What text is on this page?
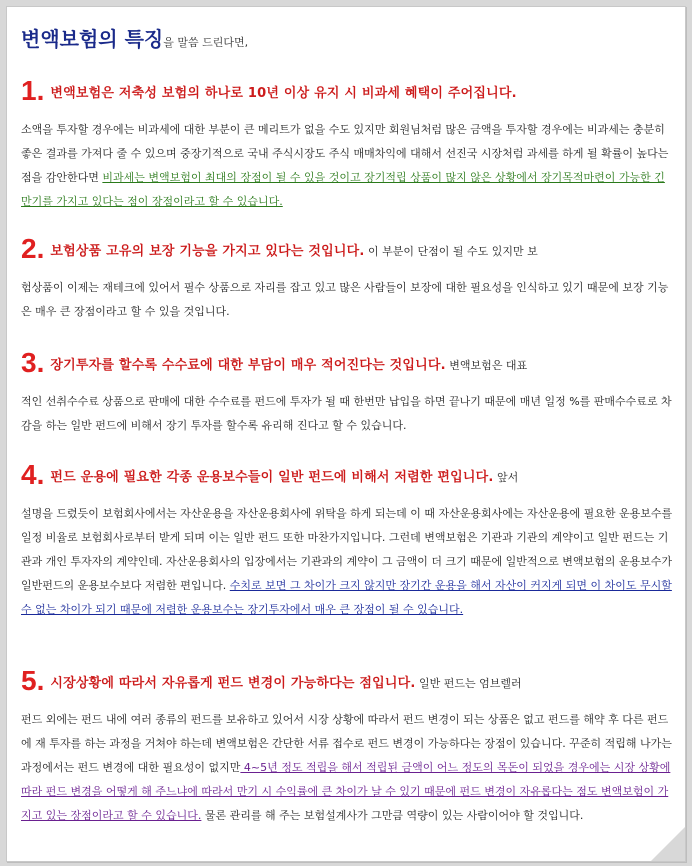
변액보험의 특징을 말씀 드린다면,
1. 변액보험은 저축성 보험의 하나로 10년 이상 유지 시 비과세 혜택이 주어집니다.
소액을 투자할 경우에는 비과세에 대한 부분이 큰 메리트가 없을 수도 있지만 회원님처럼 많은 금액을 투자할 경우에는 비과세는 충분히 좋은 결과를 가져다 줄 수 있으며 중장기적으로 국내 주식시장도 주식 매매차익에 대해서 선진국 시장처럼 과세를 하게 될 확률이 높다는 점을 감안한다면 비과세는 변액보험이 최대의 장점이 될 수 있을 것이고 장기적립 상품이 많지 않은 상황에서 장기목적마련이 가능한 긴 만기를 가지고 있다는 점이 장점이라고 할 수 있습니다.
2. 보험상품 고유의 보장 기능을 가지고 있다는 것입니다. 이 부분이 단점이 될 수도 있지만 보
험상품이 이제는 재테크에 있어서 필수 상품으로 자리를 잡고 있고 많은 사람들이 보장에 대한 필요성을 인식하고 있기 때문에 보장 기능은 매우 큰 장점이라고 할 수 있을 것입니다.
3. 장기투자를 할수록 수수료에 대한 부담이 매우 적어진다는 것입니다. 변액보험은 대표
적인 선취수수료 상품으로 판매에 대한 수수료를 펀드에 투자가 될 때 한번만 납입을 하면 끝나기 때문에 매년 일정 %를 판매수수료로 차감을 하는 일반 펀드에 비해서 장기 투자를 할수록 유리해 진다고 할 수 있습니다.
4. 펀드 운용에 필요한 각종 운용보수들이 일반 펀드에 비해서 저렴한 편입니다. 앞서
설명을 드렸듯이 보험회사에서는 자산운용을 자산운용회사에 위탁을 하게 되는데 이 때 자산운용회사에는 자산운용에 필요한 운용보수를 일정 비율로 보험회사로부터 받게 되며 이는 일반 펀드 또한 마찬가지입니다. 그런데 변액보험은 기관과 기관의 계약이고 일반 펀드는 기관과 개인 투자자의 계약인데. 자산운용회사의 입장에서는 기관과의 계약이 그 금액이 더 크기 때문에 일반적으로 변액보험의 운용보수가 일반펀드의 운용보수보다 저렴한 편입니다. 수치로 보면 그 차이가 크지 않지만 장기간 운용을 해서 자산이 커지게 되면 이 차이도 무시할 수 없는 차이가 되기 때문에 저렴한 운용보수는 장기투자에서 매우 큰 장점이 될 수 있습니다.
5. 시장상황에 따라서 자유롭게 펀드 변경이 가능하다는 점입니다. 일반 펀드는 엄브렐러
펀드 외에는 펀드 내에 여러 종류의 펀드를 보유하고 있어서 시장 상황에 따라서 펀드 변경이 되는 상품은 없고 펀드를 해약 후 다른 펀드에 재 투자를 하는 과정을 거쳐야 하는데 변액보험은 간단한 서류 접수로 펀드 변경이 가능하다는 장점이 있습니다. 꾸준히 적립해 나가는 과정에서는 펀드 변경에 대한 필요성이 없지만 4~5년 정도 적립을 해서 적립된 금액이 어느 정도의 목돈이 되었을 경우에는 시장 상황에 따라 펀드 변경을 어떻게 해 주느냐에 따라서 만기 시 수익률에 큰 차이가 날 수 있기 때문에 펀드 변경이 자유롭다는 점도 변액보험이 가지고 있는 장점이라고 할 수 있습니다. 물론 관리를 해 주는 보험설계사가 그만큼 역량이 있는 사람이어야 할 것입니다.
